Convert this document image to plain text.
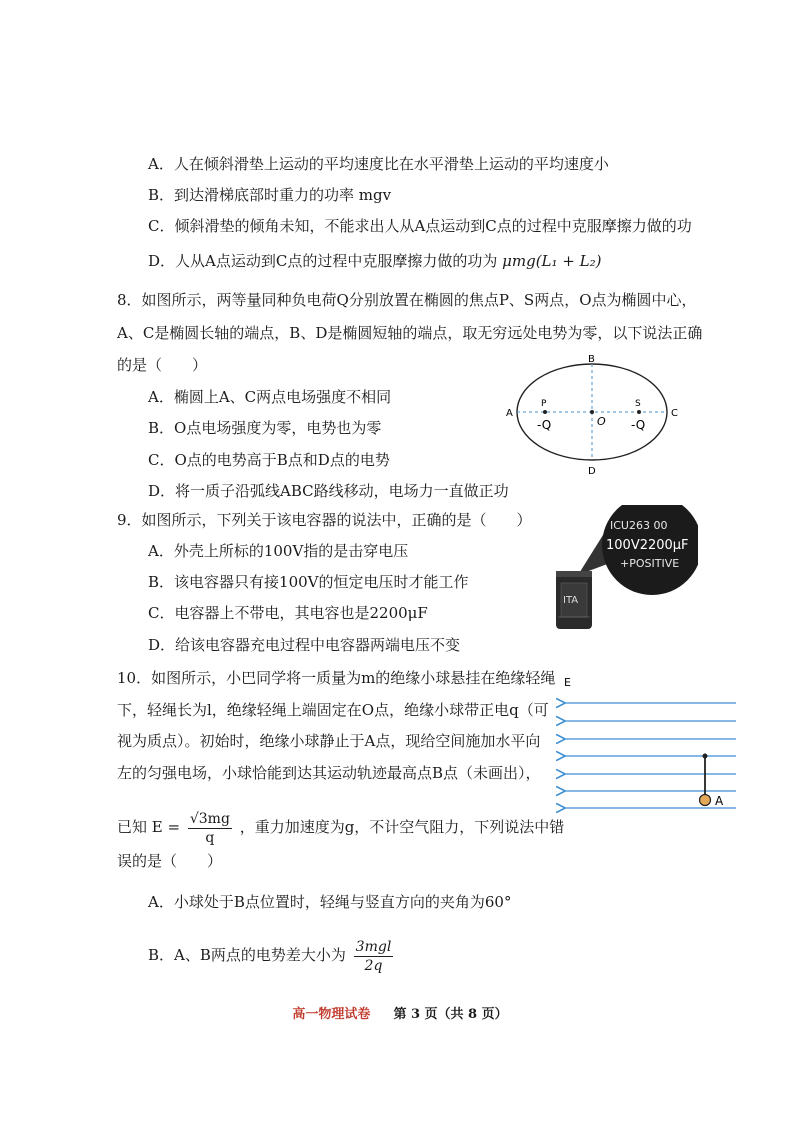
A．人在倾斜滑垫上运动的平均速度比在水平滑垫上运动的平均速度小
B．到达滑梯底部时重力的功率 mgv
C．倾斜滑垫的倾角未知，不能求出人从A点运动到C点的过程中克服摩擦力做的功
D．人从A点运动到C点的过程中克服摩擦力做的功为 μmg(L₁ + L₂)
8．如图所示，两等量同种负电荷Q分别放置在椭圆的焦点P、S两点，O点为椭圆中心，
A、C是椭圆长轴的端点，B、D是椭圆短轴的端点，取无穷远处电势为零，以下说法正确
的是（　　）
A．椭圆上A、C两点电场强度不相同
B．O点电场强度为零，电势也为零
C．O点的电势高于B点和D点的电势
D．将一质子沿弧线ABC路线移动，电场力一直做正功
B
D
A	C
P	S
O
-Q	-Q
9．如图所示，下列关于该电容器的说法中，正确的是（　　）
A．外壳上所标的100V指的是击穿电压
B．该电容器只有接100V的恒定电压时才能工作
C．电容器上不带电，其电容也是2200μF
D．给该电容器充电过程中电容器两端电压不变
ICU263 00
100V2200μF
+POSITIVE
ITA
10．如图所示，小巴同学将一质量为m的绝缘小球悬挂在绝缘轻绳
下，轻绳长为l，绝缘轻绳上端固定在O点，绝缘小球带正电q（可
视为质点）。初始时，绝缘小球静止于A点，现给空间施加水平向
左的匀强电场，小球恰能到达其运动轨迹最高点B点（未画出），
已知 $E = \frac{√3mg}{q}$ ，重力加速度为g，不计空气阻力，下列说法中错
误的是（　　）
A．小球处于B点位置时，轻绳与竖直方向的夹角为60°
B．A、B两点的电势差大小为 $\frac{\text{3mgl}}{2q}$
E
A
高一物理试卷 第 3 页（共 8 页）
